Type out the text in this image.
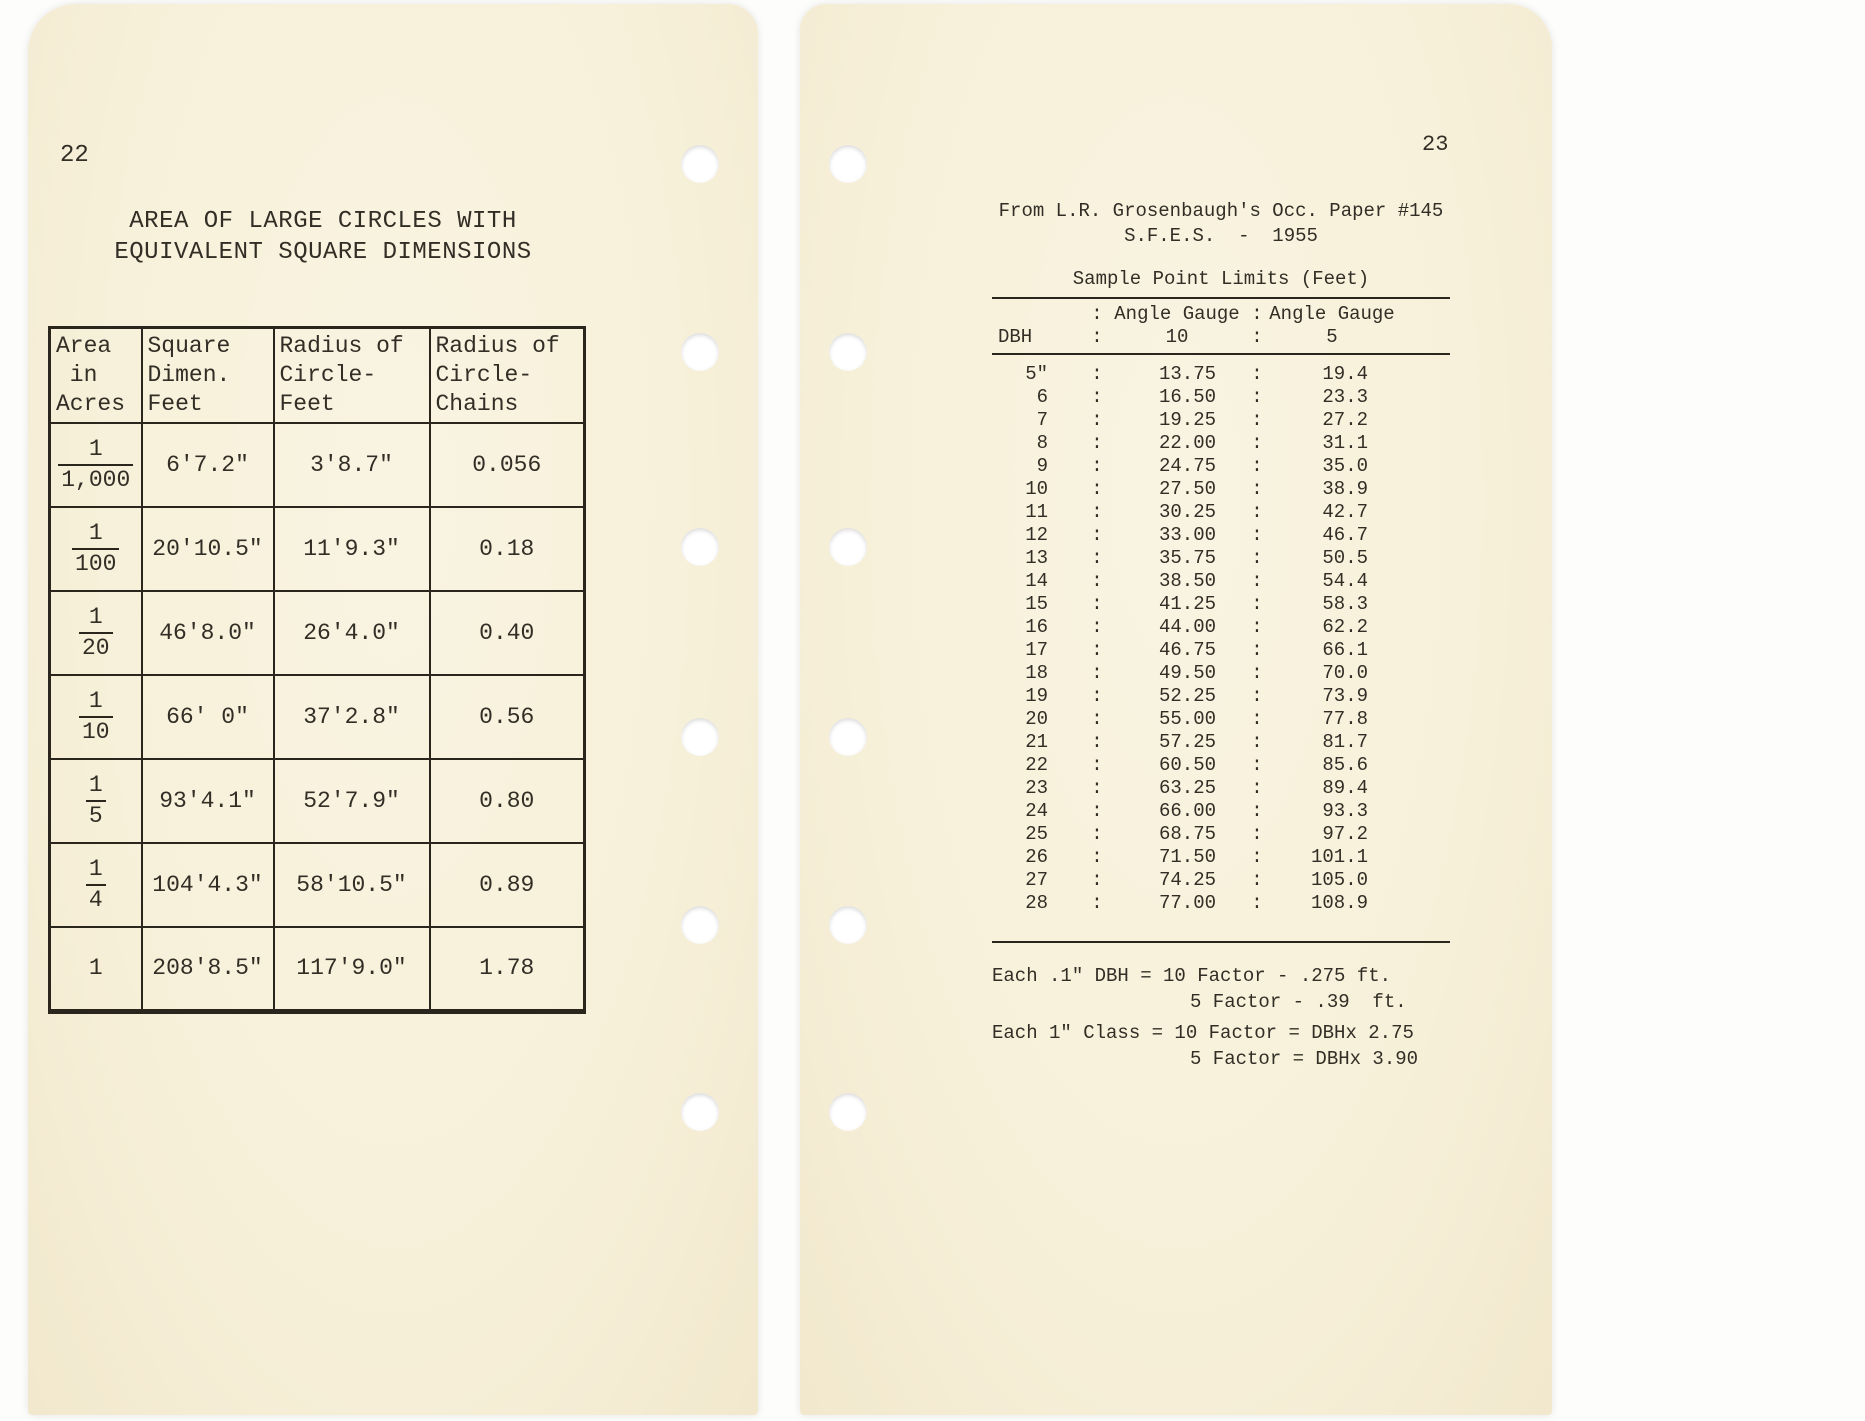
22
AREA OF LARGE CIRCLES WITH
EQUIVALENT SQUARE DIMENSIONS
Area
in
Acres

Square
Dimen.
Feet

Radius of
Circle-
Feet

Radius of
Circle-
Chains

$\frac{1}{1,000}$	6'7.2"	3'8.7"	0.056

$\frac{1}{100}$	20'10.5"	11'9.3"	0.18

$\frac{1}{20}$	46'8.0"	26'4.0"	0.40

$\frac{1}{10}$	66' 0"	37'2.8"	0.56

$\frac{1}{5}$	93'4.1"	52'7.9"	0.80

$\frac{1}{4}$	104'4.3"	58'10.5"	0.89
1	208'8.5"	117'9.0"	1.78
23
From L.R. Grosenbaugh's Occ. Paper #145
S.F.E.S.  -  1955
Sample Point Limits (Feet)
: Angle Gauge : Angle Gauge
DBH	:	10	:	5
5"	:	13.75	:	19.4
6	:	16.50	:	23.3
7	:	19.25	:	27.2
8	:	22.00	:	31.1
9	:	24.75	:	35.0
10	:	27.50	:	38.9
11	:	30.25	:	42.7
12	:	33.00	:	46.7
13	:	35.75	:	50.5
14	:	38.50	:	54.4
15	:	41.25	:	58.3
16	:	44.00	:	62.2
17	:	46.75	:	66.1
18	:	49.50	:	70.0
19	:	52.25	:	73.9
20	:	55.00	:	77.8
21	:	57.25	:	81.7
22	:	60.50	:	85.6
23	:	63.25	:	89.4
24	:	66.00	:	93.3
25	:	68.75	:	97.2
26	:	71.50	:	101.1
27	:	74.25	:	105.0
28	:	77.00	:	108.9
Each .1" DBH = 10 Factor - .275 ft.
5 Factor - .39  ft.
Each 1" Class = 10 Factor = DBHx 2.75
5 Factor = DBHx 3.90
